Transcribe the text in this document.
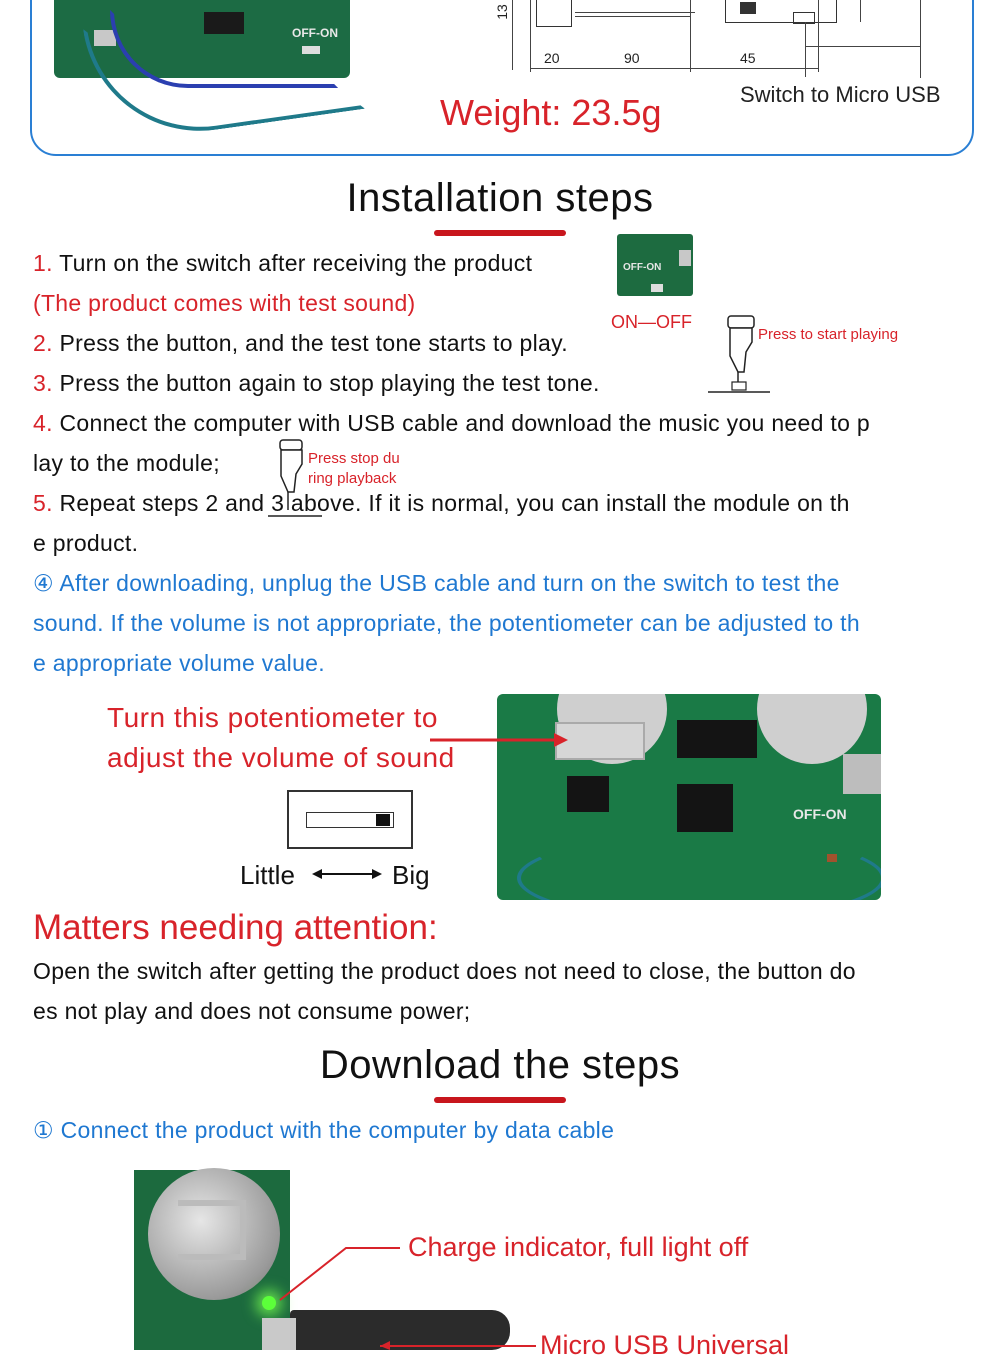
OFF-ON
13
20	90	45
Weight: 23.5g	Switch to Micro USB
Installation steps
1. Turn on the switch after receiving the product
(The product comes with test sound)
OFF-ON
ON—OFF
2. Press the button, and the test tone starts to play.	Press to start playing
3. Press the button again to stop playing the test tone.
4. Connect the computer with USB cable and download the music you need to p
lay to the module;	Press stop du
ring playback
5. Repeat steps 2 and 3 above. If it is normal, you can install the module on th
e product.
④ After downloading, unplug the USB cable and turn on the switch to test the
sound. If the volume is not appropriate, the potentiometer can be adjusted to th
e appropriate volume value.
Turn this potentiometer to
adjust the volume of sound
Little	Big
OFF-ON
Matters needing attention:
Open the switch after getting the product does not need to close, the button do
es not play and does not consume power;
Download the steps
① Connect the product with the computer by data cable
Charge indicator, full light off
Micro USB Universal
